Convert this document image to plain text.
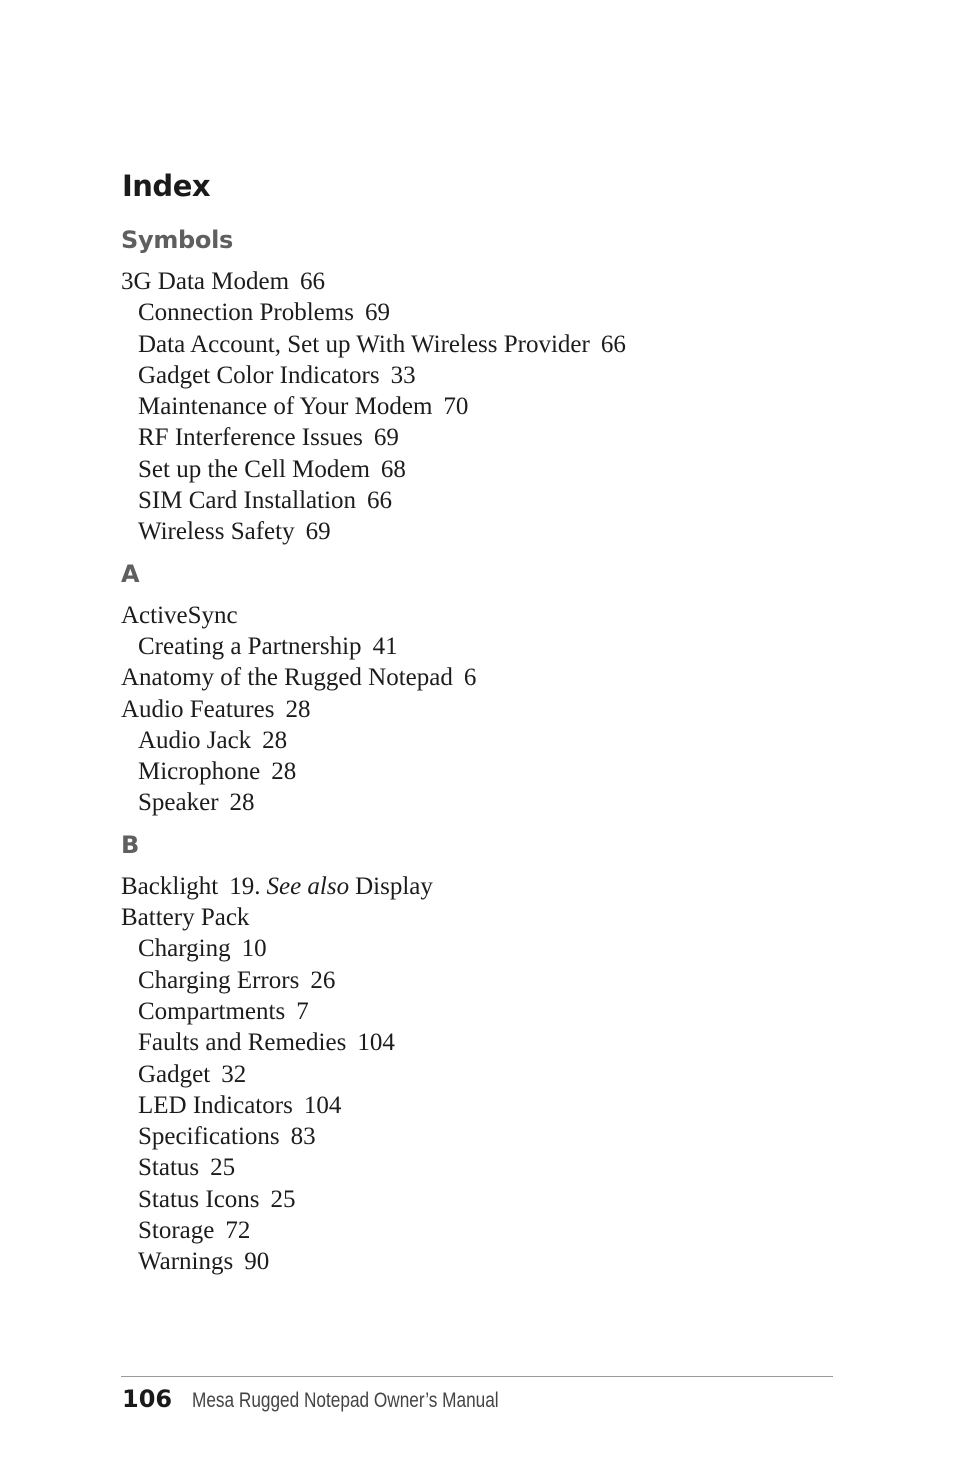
Index
Symbols
3G Data Modem 66
Connection Problems 69
Data Account, Set up With Wireless Provider 66
Gadget Color Indicators 33
Maintenance of Your Modem 70
RF Interference Issues 69
Set up the Cell Modem 68
SIM Card Installation 66
Wireless Safety 69
A
ActiveSync
Creating a Partnership 41
Anatomy of the Rugged Notepad 6
Audio Features 28
Audio Jack 28
Microphone 28
Speaker 28
B
Backlight 19. See also Display
Battery Pack
Charging 10
Charging Errors 26
Compartments 7
Faults and Remedies 104
Gadget 32
LED Indicators 104
Specifications 83
Status 25
Status Icons 25
Storage 72
Warnings 90
106 Mesa Rugged Notepad Owner’s Manual
